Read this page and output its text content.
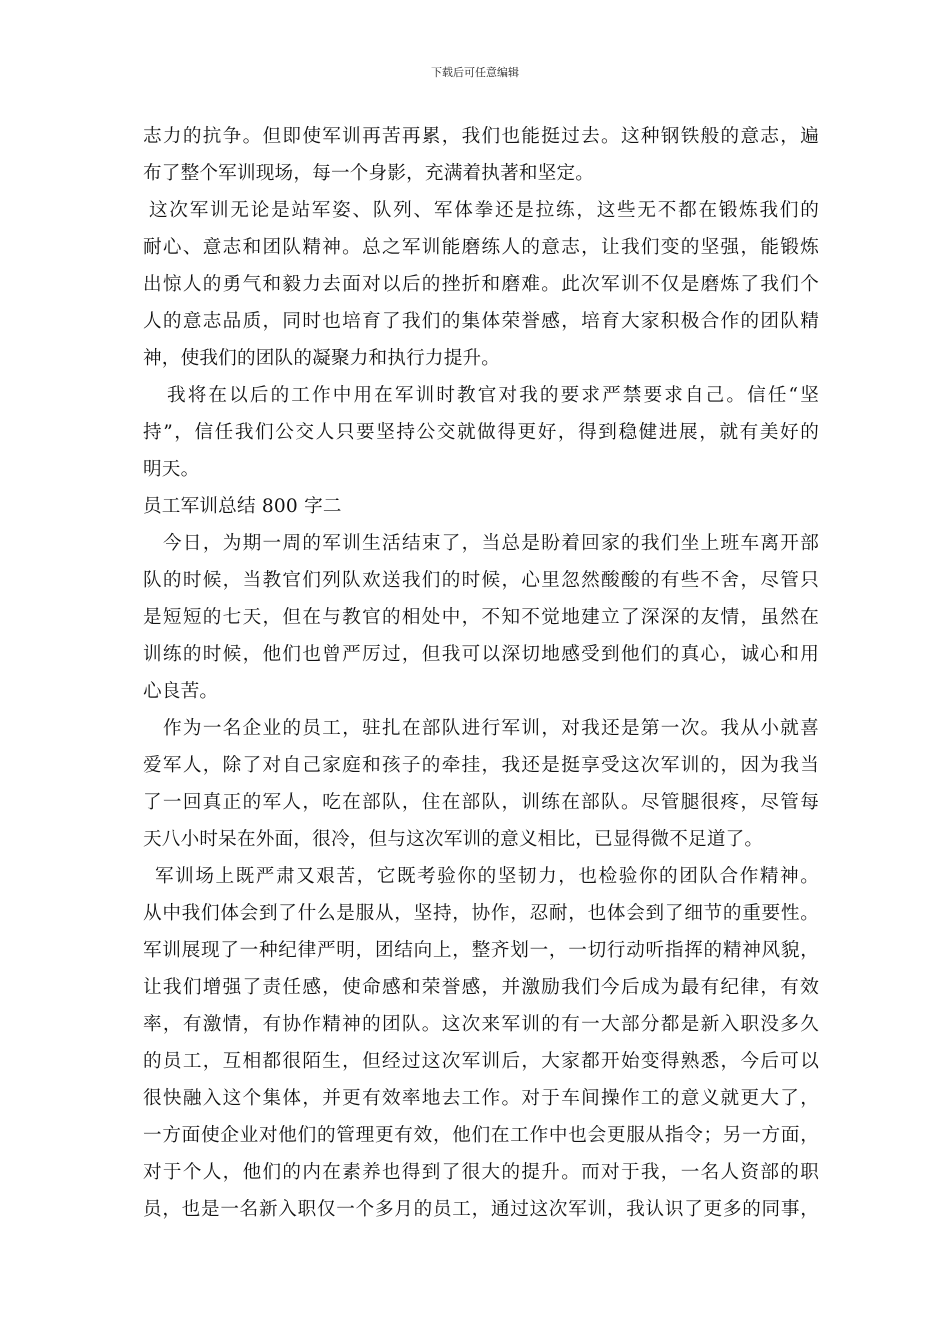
下载后可任意编辑
志力的抗争。但即使军训再苦再累，我们也能挺过去。这种钢铁般的意志，遍
布了整个军训现场，每一个身影，充满着执著和坚定。
这次军训无论是站军姿、队列、军体拳还是拉练，这些无不都在锻炼我们的
耐心、意志和团队精神。总之军训能磨练人的意志，让我们变的坚强，能锻炼
出惊人的勇气和毅力去面对以后的挫折和磨难。此次军训不仅是磨炼了我们个
人的意志品质，同时也培育了我们的集体荣誉感，培育大家积极合作的团队精
神，使我们的团队的凝聚力和执行力提升。
我将在以后的工作中用在军训时教官对我的要求严禁要求自己。信任“坚
持”，信任我们公交人只要坚持公交就做得更好，得到稳健进展，就有美好的
明天。
员工军训总结 800 字二
今日，为期一周的军训生活结束了，当总是盼着回家的我们坐上班车离开部
队的时候，当教官们列队欢送我们的时候，心里忽然酸酸的有些不舍，尽管只
是短短的七天，但在与教官的相处中，不知不觉地建立了深深的友情，虽然在
训练的时候，他们也曾严厉过，但我可以深切地感受到他们的真心，诚心和用
心良苦。
作为一名企业的员工，驻扎在部队进行军训，对我还是第一次。我从小就喜
爱军人，除了对自己家庭和孩子的牵挂，我还是挺享受这次军训的，因为我当
了一回真正的军人，吃在部队，住在部队，训练在部队。尽管腿很疼，尽管每
天八小时呆在外面，很冷，但与这次军训的意义相比，已显得微不足道了。
军训场上既严肃又艰苦，它既考验你的坚韧力，也检验你的团队合作精神。
从中我们体会到了什么是服从，坚持，协作，忍耐，也体会到了细节的重要性。
军训展现了一种纪律严明，团结向上，整齐划一，一切行动听指挥的精神风貌，
让我们增强了责任感，使命感和荣誉感，并激励我们今后成为最有纪律，有效
率，有激情，有协作精神的团队。这次来军训的有一大部分都是新入职没多久
的员工，互相都很陌生，但经过这次军训后，大家都开始变得熟悉，今后可以
很快融入这个集体，并更有效率地去工作。对于车间操作工的意义就更大了，
一方面使企业对他们的管理更有效，他们在工作中也会更服从指令；另一方面，
对于个人，他们的内在素养也得到了很大的提升。而对于我，一名人资部的职
员，也是一名新入职仅一个多月的员工，通过这次军训，我认识了更多的同事，
